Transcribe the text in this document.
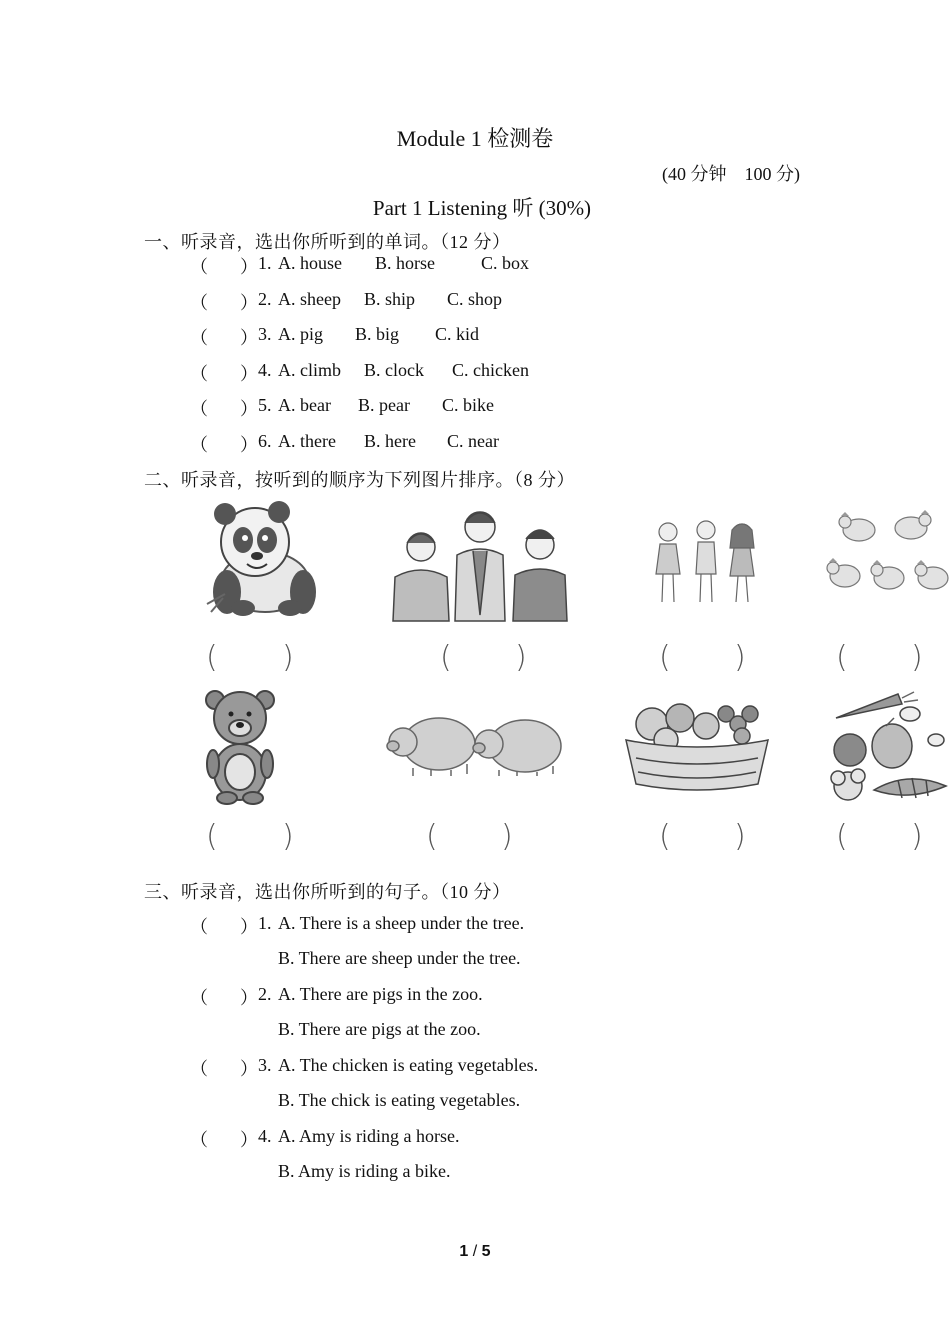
Module 1 检测卷
(40 分钟    100 分)
Part 1 Listening 听 (30%)
一、听录音，选出你所听到的单词。（12 分）

（

）

1.

A. house

B. horse

	C. box

（

）

2.

A. sheep

B. ship

C. shop

（

）

3.

A. pig

B. big

C. kid

（

）

4.

A. climb

B. clock

C. chicken

（

）

5.

A. bear

B. pear

C. bike

（

）

6.

A. there

B. here

C. near

二、听录音，按听到的顺序为下列图片排序。（8 分）
( )	( )	( )	( )
( )	( )	( )	( )
三、听录音，选出你所听到的句子。（10 分）

（

）

1.

A. There is a sheep under the tree.

B. There are sheep under the tree.

（

）

2.

A. There are pigs in the zoo.

B. There are pigs at the zoo.

（

）

3.

A. The chicken is eating vegetables.

B. The chick is eating vegetables.

（

）

4.

A. Amy is riding a horse.

B. Amy is riding a bike.

1 / 5
